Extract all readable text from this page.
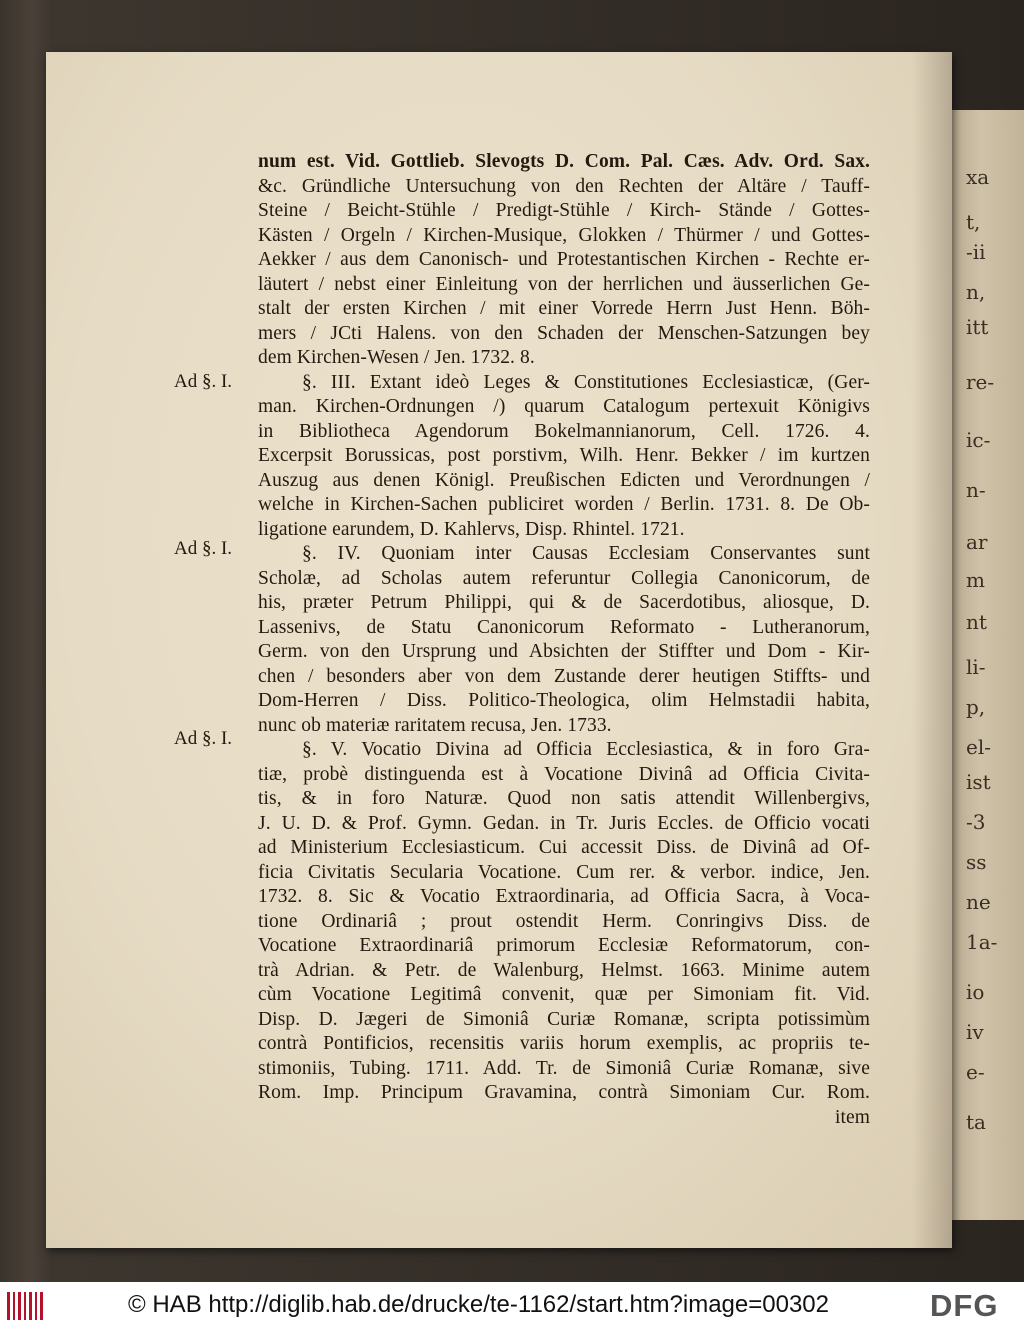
xa
t,
-ii
n,
itt
re-
ic-
n-
ar
m
nt
li-
p,
el-
ist
-3
ss
ne
1a-
io
iv
e-
ta
Ad §. I.
Ad §. I.
Ad §. I.
num est. Vid. Gottlieb. Slevogts D. Com. Pal. Cæs. Adv. Ord. Sax.
&c. Gründliche Untersuchung von den Rechten der Altäre / Tauff-
Steine / Beicht-Stühle / Predigt-Stühle / Kirch- Stände / Gottes-
Kästen / Orgeln / Kirchen-Musique, Glokken / Thürmer / und Gottes-
Aekker / aus dem Canonisch- und Protestantischen Kirchen - Rechte er-
läutert / nebst einer Einleitung von der herrlichen und äusserlichen Ge-
stalt der ersten Kirchen / mit einer Vorrede Herrn Just Henn. Böh-
mers / JCti Halens. von den Schaden der Menschen-Satzungen bey
dem Kirchen-Wesen / Jen. 1732. 8.
§. III. Extant ideò Leges & Constitutiones Ecclesiasticæ, (Ger-
man. Kirchen-Ordnungen /) quarum Catalogum pertexuit Königivs
in Bibliotheca Agendorum Bokelmannianorum, Cell. 1726. 4.
Excerpsit Borussicas, post porstivm, Wilh. Henr. Bekker / im kurtzen
Auszug aus denen Königl. Preußischen Edicten und Verordnungen /
welche in Kirchen-Sachen publiciret worden / Berlin. 1731. 8. De Ob-
ligatione earundem, D. Kahlervs, Disp. Rhintel. 1721.
§. IV. Quoniam inter Causas Ecclesiam Conservantes sunt
Scholæ, ad Scholas autem referuntur Collegia Canonicorum, de
his, præter Petrum Philippi, qui & de Sacerdotibus, aliosque, D.
Lassenivs, de Statu Canonicorum Reformato - Lutheranorum,
Germ. von den Ursprung und Absichten der Stiffter und Dom - Kir-
chen / besonders aber von dem Zustande derer heutigen Stiffts- und
Dom-Herren / Diss. Politico-Theologica, olim Helmstadii habita,
nunc ob materiæ raritatem recusa, Jen. 1733.
§. V. Vocatio Divina ad Officia Ecclesiastica, & in foro Gra-
tiæ, probè distinguenda est à Vocatione Divinâ ad Officia Civita-
tis, & in foro Naturæ. Quod non satis attendit Willenbergivs,
J. U. D. & Prof. Gymn. Gedan. in Tr. Juris Eccles. de Officio vocati
ad Ministerium Ecclesiasticum. Cui accessit Diss. de Divinâ ad Of-
ficia Civitatis Secularia Vocatione. Cum rer. & verbor. indice, Jen.
1732. 8. Sic & Vocatio Extraordinaria, ad Officia Sacra, à Voca-
tione Ordinariâ ; prout ostendit Herm. Conringivs Diss. de
Vocatione Extraordinariâ primorum Ecclesiæ Reformatorum, con-
trà Adrian. & Petr. de Walenburg, Helmst. 1663. Minime autem
cùm Vocatione Legitimâ convenit, quæ per Simoniam fit. Vid.
Disp. D. Jægeri de Simoniâ Curiæ Romanæ, scripta potissimùm
contrà Pontificios, recensitis variis horum exemplis, ac propriis te-
stimoniis, Tubing. 1711. Add. Tr. de Simoniâ Curiæ Romanæ, sive
Rom. Imp. Principum Gravamina, contrà Simoniam Cur. Rom.
item
© HAB http://diglib.hab.de/drucke/te-1162/start.htm?image=00302	DFG
